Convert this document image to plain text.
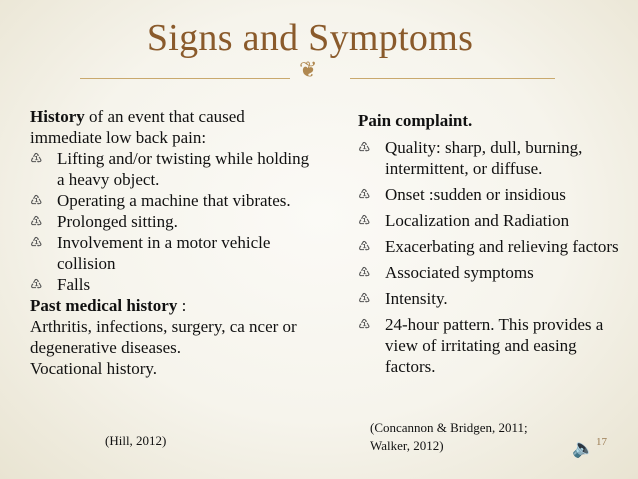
Signs and Symptoms
❦

History of an event that caused immediate low back pain:

♳ Lifting and/or twisting while holding a heavy object.

♳ Operating a machine that vibrates.

♳ Prolonged sitting.

♳ Involvement in a motor vehicle collision

♳ Falls

Past medical history :

Arthritis, infections, surgery, ca ncer or degenerative diseases.

Vocational history.

(Hill, 2012)

Pain complaint.

♳ Quality: sharp, dull, burning, intermittent, or diffuse.

♳ Onset :sudden or insidious

♳ Localization and Radiation

♳ Exacerbating and relieving factors

♳ Associated symptoms

♳ Intensity.

♳ 24-hour pattern. This provides a view of irritating and easing factors.

(Concannon & Bridgen, 2011;
Walker, 2012)	🔈 17
